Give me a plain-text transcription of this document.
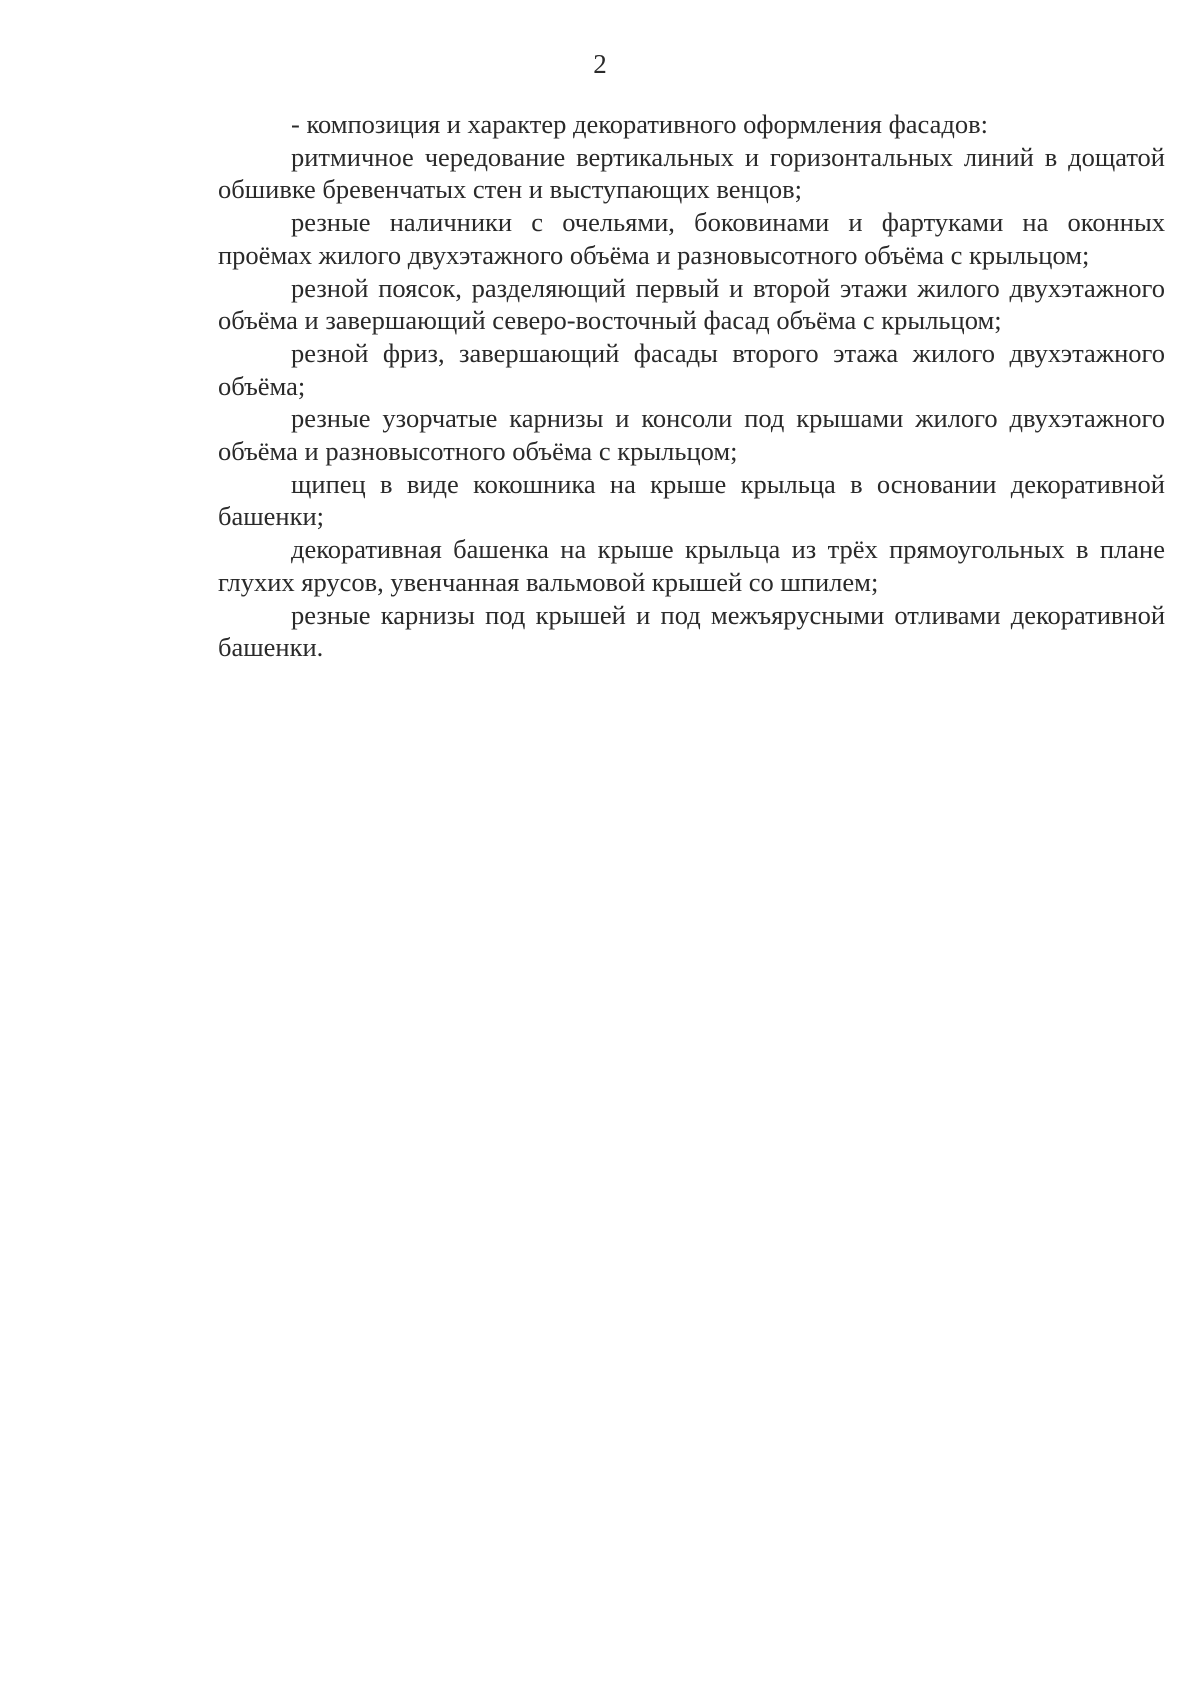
2

- композиция и характер декоративного оформления фасадов:

ритмичное чередование вертикальных и горизонтальных линий в дощатой обшивке бревенчатых стен и выступающих венцов;

резные наличники с очельями, боковинами и фартуками на оконных проёмах жилого двухэтажного объёма и разновысотного объёма с крыльцом;

резной поясок, разделяющий первый и второй этажи жилого двухэтажного объёма и завершающий северо-восточный фасад объёма с крыльцом;

резной фриз, завершающий фасады второго этажа жилого двухэтажного объёма;

резные узорчатые карнизы и консоли под крышами жилого двухэтажного объёма и разновысотного объёма с крыльцом;

щипец в виде кокошника на крыше крыльца в основании декоративной башенки;

декоративная башенка на крыше крыльца из трёх прямоугольных в плане глухих ярусов, увенчанная вальмовой крышей со шпилем;

резные карнизы под крышей и под межъярусными отливами декоративной башенки.
